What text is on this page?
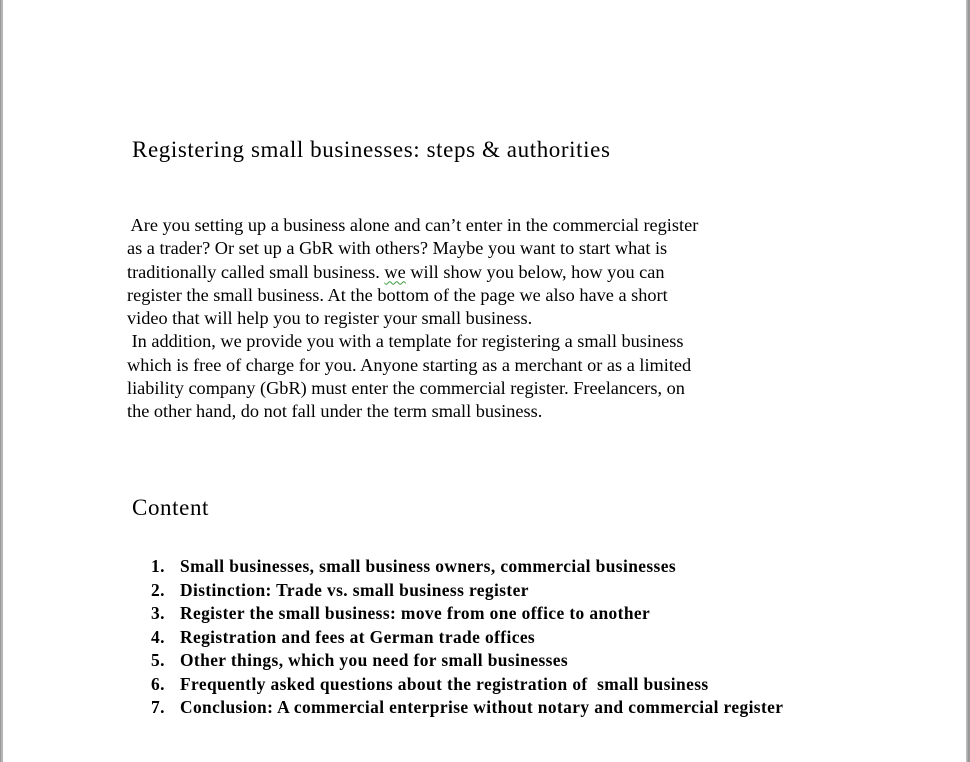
Registering small businesses: steps & authorities
Are you setting up a business alone and can’t enter in the commercial register
as a trader? Or set up a GbR with others? Maybe you want to start what is
traditionally called small business. we will show you below, how you can
register the small business. At the bottom of the page we also have a short
video that will help you to register your small business.
In addition, we provide you with a template for registering a small business
which is free of charge for you. Anyone starting as a merchant or as a limited
liability company (GbR) must enter the commercial register. Freelancers, on
the other hand, do not fall under the term small business.
Content
1. Small businesses, small business owners, commercial businesses
2. Distinction: Trade vs. small business register
3. Register the small business: move from one office to another
4. Registration and fees at German trade offices
5. Other things, which you need for small businesses
6. Frequently asked questions about the registration of  small business
7. Conclusion: A commercial enterprise without notary and commercial register
